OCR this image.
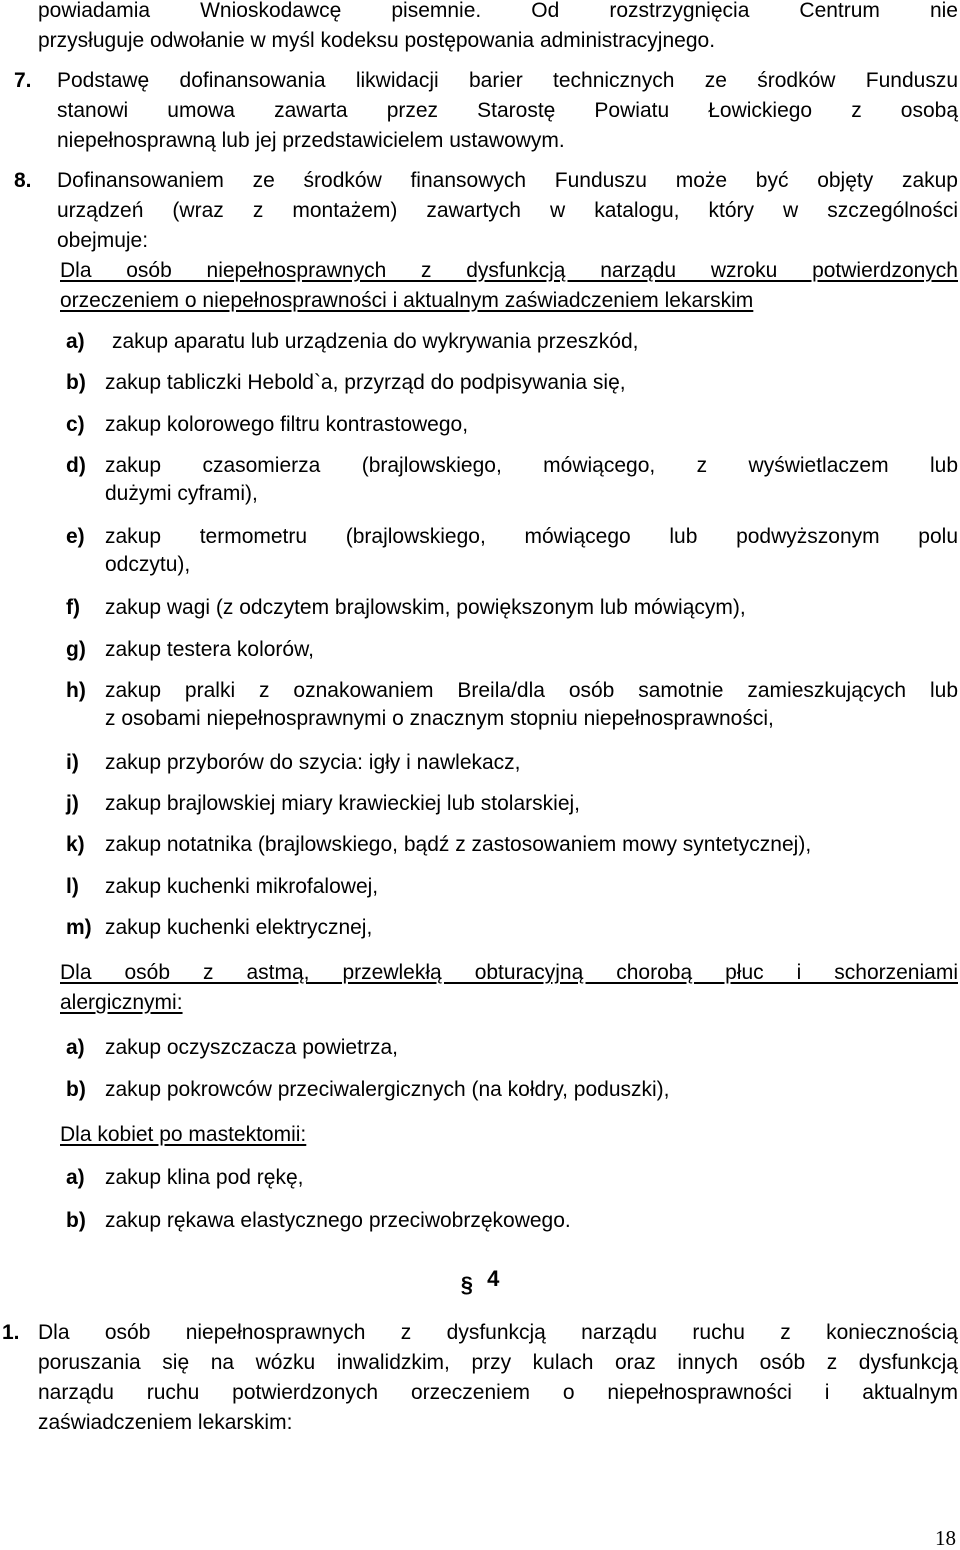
powiadamia Wnioskodawcę pisemnie. Od rozstrzygnięcia Centrum nie
przysługuje odwołanie w myśl kodeksu postępowania administracyjnego.
7. Podstawę dofinansowania likwidacji barier technicznych ze środków Funduszu
stanowi umowa zawarta przez Starostę Powiatu Łowickiego z osobą
niepełnosprawną lub jej przedstawicielem ustawowym.
8. Dofinansowaniem ze środków finansowych Funduszu może być objęty zakup
urządzeń (wraz z montażem) zawartych w katalogu, który w szczególności
obejmuje:
Dla osób niepełnosprawnych z dysfunkcją narządu wzroku potwierdzonych
orzeczeniem o niepełnosprawności i aktualnym zaświadczeniem lekarskim
a) zakup aparatu lub urządzenia do wykrywania przeszkód,
b) zakup tabliczki Hebold`a, przyrząd do podpisywania się,
c) zakup kolorowego filtru kontrastowego,
d) zakup czasomierza (brajlowskiego, mówiącego, z wyświetlaczem lub
dużymi cyframi),
e) zakup termometru (brajlowskiego, mówiącego lub podwyższonym polu
odczytu),
f) zakup wagi (z odczytem brajlowskim, powiększonym lub mówiącym),
g) zakup testera kolorów,
h) zakup pralki z oznakowaniem Breila/dla osób samotnie zamieszkujących lub
z osobami niepełnosprawnymi o znacznym stopniu niepełnosprawności,
i) zakup przyborów do szycia: igły i nawlekacz,
j) zakup brajlowskiej miary krawieckiej lub stolarskiej,
k) zakup notatnika (brajlowskiego, bądź z zastosowaniem mowy syntetycznej),
l) zakup kuchenki mikrofalowej,
m) zakup kuchenki elektrycznej,
Dla osób z astmą, przewlekłą obturacyjną chorobą płuc i schorzeniami
alergicznymi:
a) zakup oczyszczacza powietrza,
b) zakup pokrowców przeciwalergicznych (na kołdry, poduszki),
Dla kobiet po mastektomii:
a) zakup klina pod rękę,
b) zakup rękawa elastycznego przeciwobrzękowego.
§ 4
1. Dla osób niepełnosprawnych z dysfunkcją narządu ruchu z koniecznością
poruszania się na wózku inwalidzkim, przy kulach oraz innych osób z dysfunkcją
narządu ruchu potwierdzonych orzeczeniem o niepełnosprawności i aktualnym
zaświadczeniem lekarskim:
18
